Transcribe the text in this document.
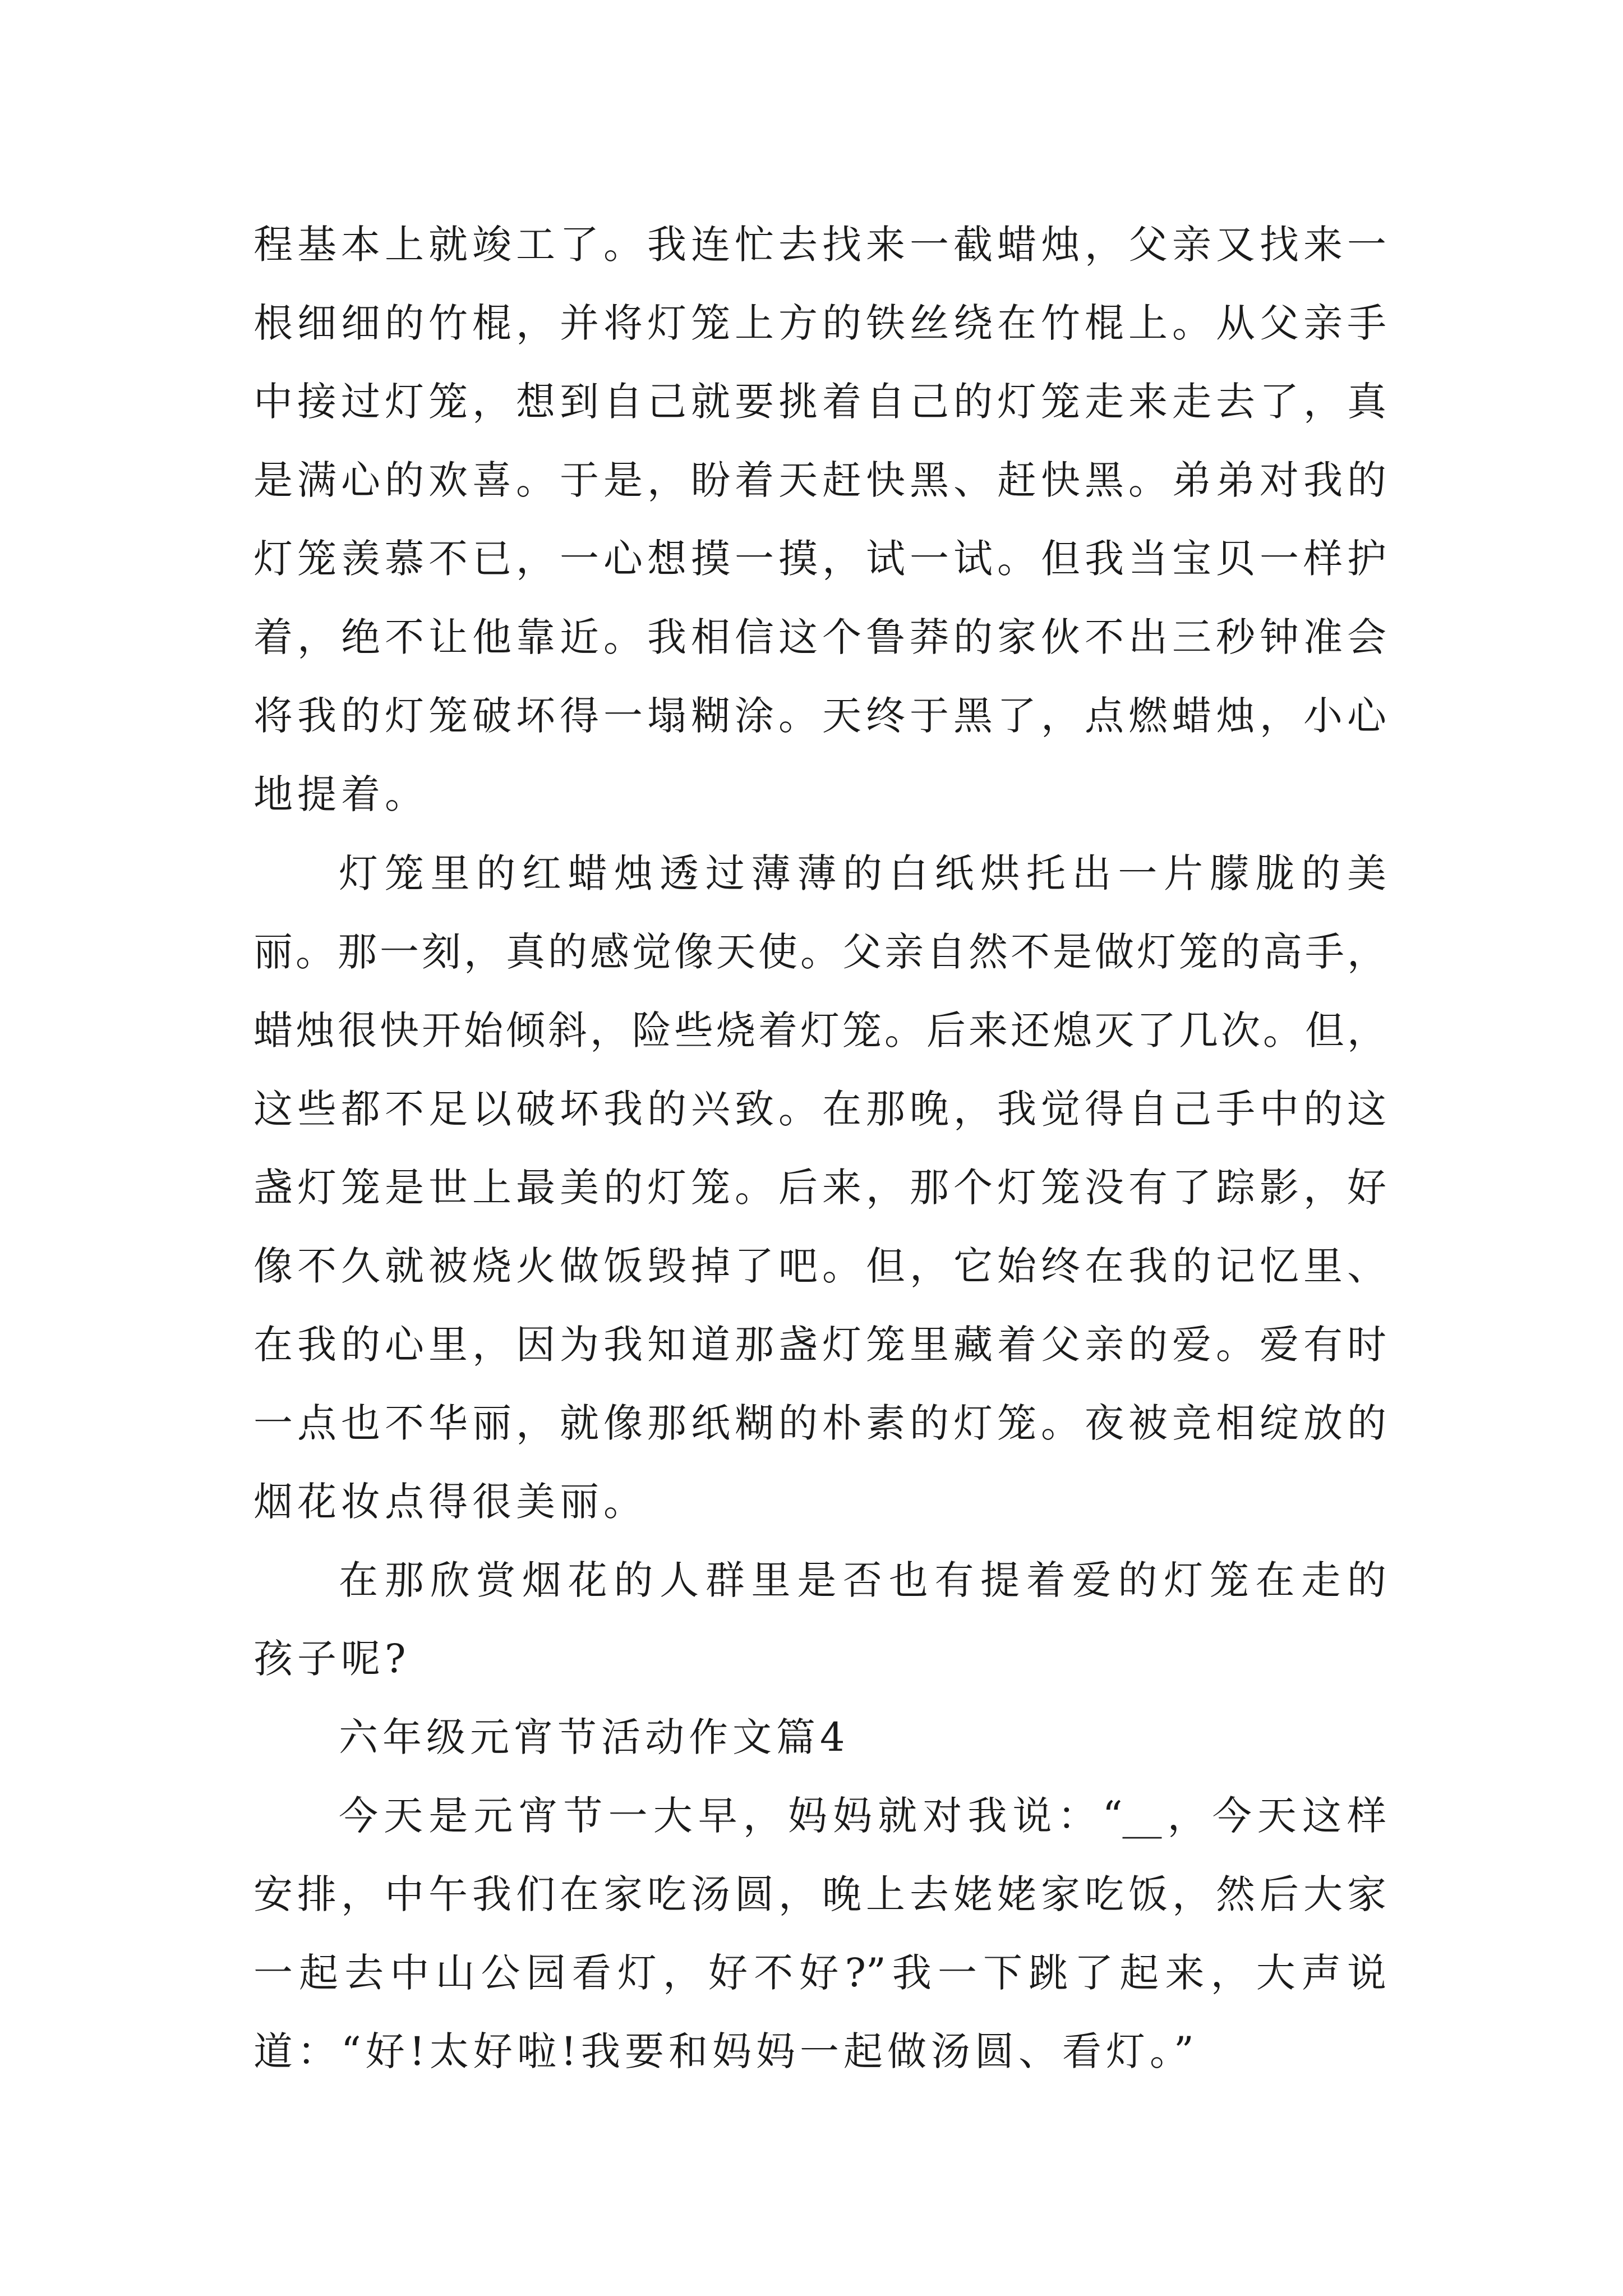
程基本上就竣工了。我连忙去找来一截蜡烛，父亲又找来一
根细细的竹棍，并将灯笼上方的铁丝绕在竹棍上。从父亲手
中接过灯笼，想到自己就要挑着自己的灯笼走来走去了，真
是满心的欢喜。于是，盼着天赶快黑、赶快黑。弟弟对我的
灯笼羡慕不已，一心想摸一摸，试一试。但我当宝贝一样护
着，绝不让他靠近。我相信这个鲁莽的家伙不出三秒钟准会
将我的灯笼破坏得一塌糊涂。天终于黑了，点燃蜡烛，小心
地提着。
灯笼里的红蜡烛透过薄薄的白纸烘托出一片朦胧的美
丽。那一刻，真的感觉像天使。父亲自然不是做灯笼的高手，
蜡烛很快开始倾斜，险些烧着灯笼。后来还熄灭了几次。但，
这些都不足以破坏我的兴致。在那晚，我觉得自己手中的这
盏灯笼是世上最美的灯笼。后来，那个灯笼没有了踪影，好
像不久就被烧火做饭毁掉了吧。但，它始终在我的记忆里、
在我的心里，因为我知道那盏灯笼里藏着父亲的爱。爱有时
一点也不华丽，就像那纸糊的朴素的灯笼。夜被竞相绽放的
烟花妆点得很美丽。
在那欣赏烟花的人群里是否也有提着爱的灯笼在走的
孩子呢?
六年级元宵节活动作文篇4
今天是元宵节一大早，妈妈就对我说：“__，今天这样
安排，中午我们在家吃汤圆，晚上去姥姥家吃饭，然后大家
一起去中山公园看灯，好不好?”我一下跳了起来，大声说
道：“好!太好啦!我要和妈妈一起做汤圆、看灯。”
